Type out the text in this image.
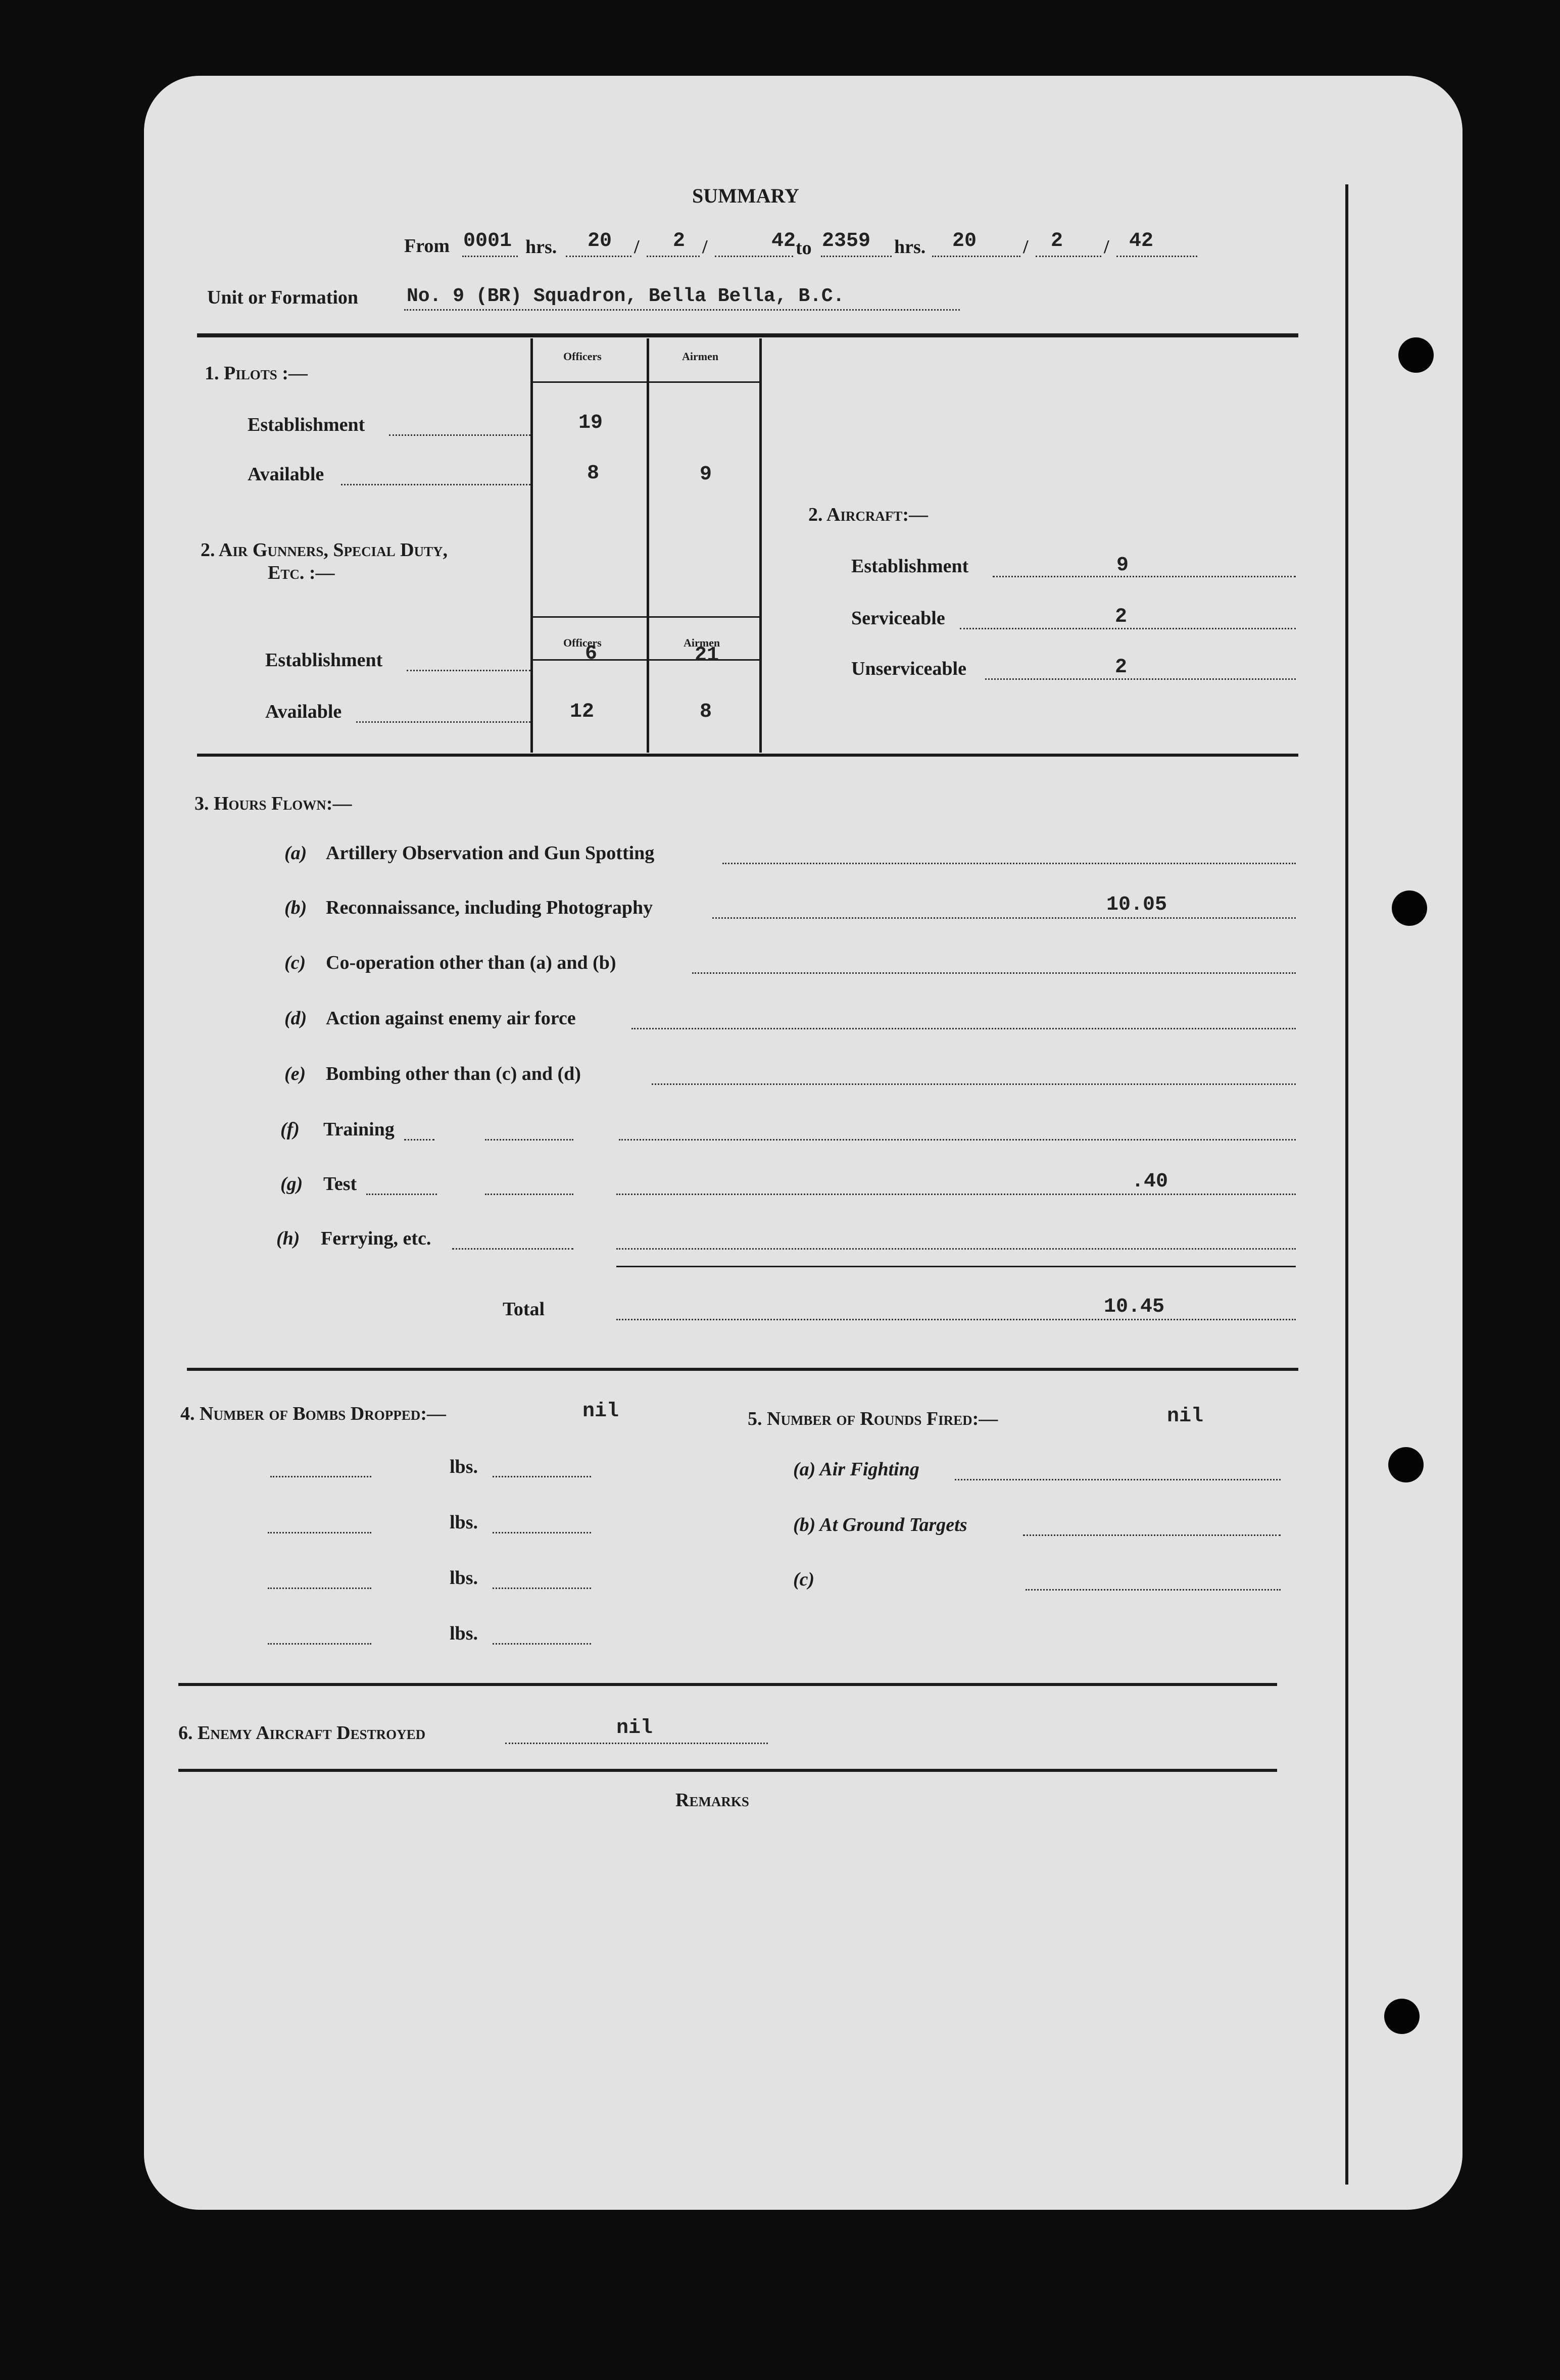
SUMMARY
From 0001 hrs. 20 / 2 /	42 to 2359 hrs. 20 / 2 / 42
Unit or Formation	No. 9 (BR) Squadron, Bella Bella, B.C.
Officers	Airmen
1. Pilots :—
Establishment	19
Available	8	9
2. Air Gunners, Special Duty,
Etc. :—
Officers	Airmen
Establishment	6	21
Available	12	8
2. Aircraft:—
Establishment	9
Serviceable	2
Unserviceable	2
3. Hours Flown:—
(a) Artillery Observation and Gun Spotting
(b) Reconnaissance, including Photography	10.05
(c) Co-operation other than (a) and (b)
(d) Action against enemy air force
(e) Bombing other than (c) and (d)
(f) Training
(g) Test	.40
(h) Ferrying, etc.
Total	10.45
4. Number of Bombs Dropped:—	nil
lbs.
lbs.
lbs.
lbs.
5. Number of Rounds Fired:—	nil
(a) Air Fighting
(b) At Ground Targets
(c)
6. Enemy Aircraft Destroyed	nil
Remarks
